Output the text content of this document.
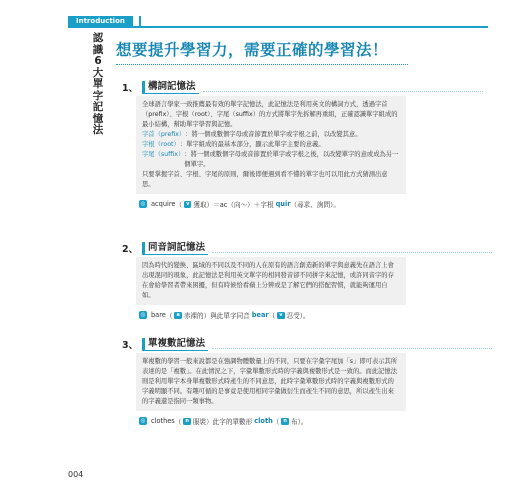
Introduction
認識6大單字記憶法
想要提升學習力，需要正確的學習法！
1、	構詞記憶法

全球語言學家一致推薦最有效的單字記憶法，此記憶法是利用英文的構詞方式，透過字首（prefix）、字根（root）、字尾（suffix）的方式將單字先拆解再重組，正確認識單字組成的最小結構，幫助單字學習與記憶。

字首（prefix） ：將一個或數個字母或音節置於單字或字根之前，以改變其意。
字根（root） ：單字組成的最基本部分，顯示此單字主要的意義。
字尾（suffix） ：將一個或數個字母或音節置於單字或字根之後，以改變單字的意或成為另一個單字。

只要掌握字首、字根、字尾的原則，爾後即便遇到看不懂的單字也可以用此方式猜測出意思。

◎ acquire （ v 獲取）＝ac（向～）＋字根 quir （尋求、詢問）。
2、	同音詞記憶法

因為時代的變換、區域的不同以及不同的人在原有的語言創造新的單字與意義先在語言上會出現混同的現象，此記憶法是利用英文單字的相同發音卻不同拼字來記憶，或許同音字的存在會給學習者帶來困擾，但有時候恰看蘋上分辨或是了解它們的搭配習慣，就能夠運用自如。

◎ bare （ a 赤裸的）與此單字同音 bear （ v 忍受）。
3、	單複數記憶法

單複數的學習一般來說都是在強調物體數量上的不同，只要在字彙字尾加「s」即可表示其所表達的是「複數」。在此情況之下，字彙單數形式時的字義與複數形式是一致的。而此記憶法則是利用單字本身單複數形式時產生的不同意思，此時字彙單數形式時的字義與複數形式的字義明顯不同。有趣可循的是事竟是使用相同字彙做衍生而產生不同的意思，所以產生出來的字義還是指同一類事物。

◎ clothes （ n 服裝）此字的單數形 cloth （ n 布）。
004
